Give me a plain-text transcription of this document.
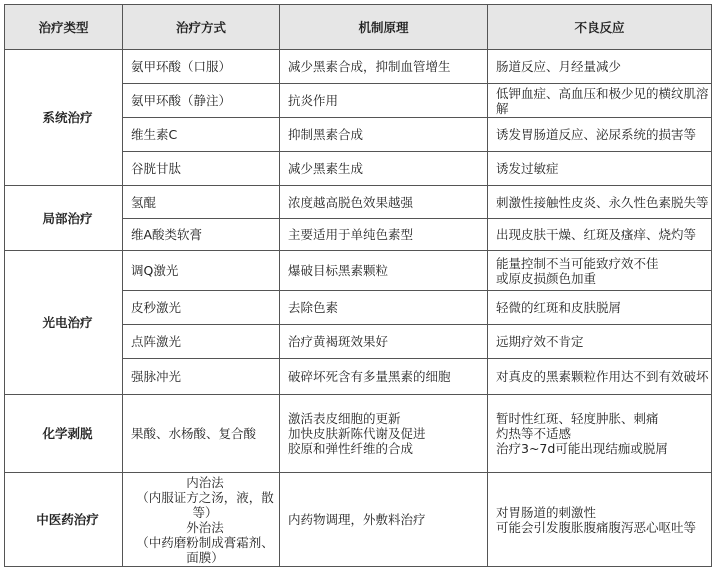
治疗类型	治疗方式	机制原理	不良反应
系统治疗	氨甲环酸（口服）	减少黑素合成，抑制血管增生	肠道反应、月经量减少
	氨甲环酸（静注）	抗炎作用	低钾血症、高血压和极少见的横纹肌溶解
	维生素C	抑制黑素合成	诱发胃肠道反应、泌尿系统的损害等
	谷胱甘肽	减少黑素生成	诱发过敏症
局部治疗	氢醌	浓度越高脱色效果越强	刺激性接触性皮炎、永久性色素脱失等
	维A酸类软膏	主要适用于单纯色素型	出现皮肤干燥、红斑及瘙痒、烧灼等
光电治疗	调Q激光	爆破目标黑素颗粒	能量控制不当可能致疗效不佳
或原皮损颜色加重

	皮秒激光	去除色素	轻微的红斑和皮肤脱屑
	点阵激光	治疗黄褐斑效果好	远期疗效不肯定
	强脉冲光	破碎坏死含有多量黑素的细胞	对真皮的黑素颗粒作用达不到有效破坏
化学剥脱	果酸、水杨酸、复合酸	激活表皮细胞的更新
加快皮肤新陈代谢及促进
胶原和弹性纤维的合成	暂时性红斑、轻度肿胀、刺痛
灼热等不适感
治疗3~7d可能出现结痂或脱屑

中医药治疗	内治法
（内服证方之汤，液，散等）
外治法
（中药磨粉制成膏霜剂、面膜）	内药物调理，外敷料治疗	对胃肠道的刺激性
可能会引发腹胀腹痛腹泻恶心呕吐等
